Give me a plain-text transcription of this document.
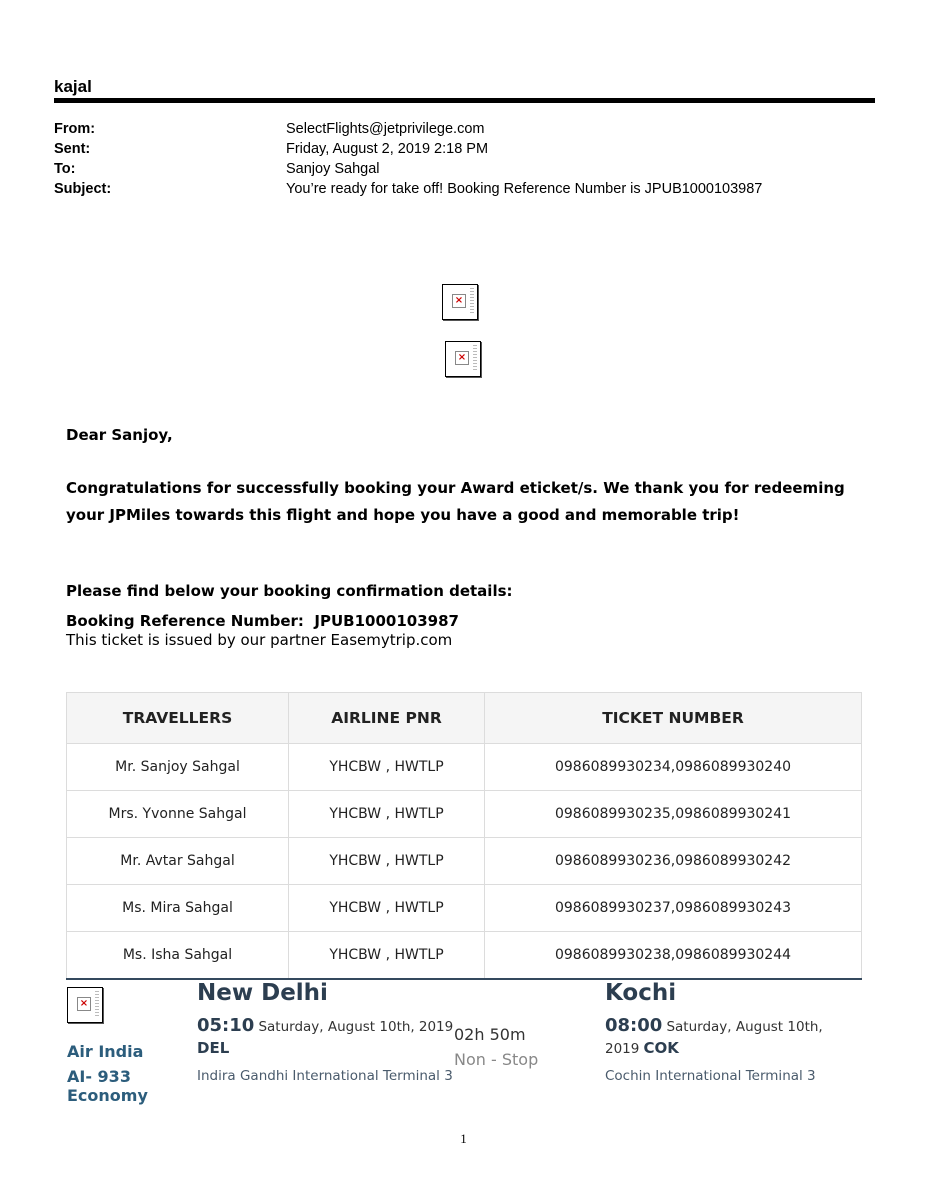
kajal
From:	SelectFlights@jetprivilege.com
Sent:	Friday, August 2, 2019 2:18 PM
To:	Sanjoy Sahgal
Subject:	You’re ready for take off! Booking Reference Number is JPUB1000103987
×
×
Dear Sanjoy,
Congratulations for successfully booking your Award eticket/s. We thank you for redeeming your JPMiles towards this flight and hope you have a good and memorable trip!
Please find below your booking confirmation details:
Booking Reference Number: JPUB1000103987
This ticket is issued by our partner Easemytrip.com
TRAVELLERS	AIRLINE PNR	TICKET NUMBER
Mr. Sanjoy Sahgal	YHCBW , HWTLP	0986089930234,0986089930240
Mrs. Yvonne Sahgal	YHCBW , HWTLP	0986089930235,0986089930241
Mr. Avtar Sahgal	YHCBW , HWTLP	0986089930236,0986089930242
Ms. Mira Sahgal	YHCBW , HWTLP	0986089930237,0986089930243
Ms. Isha Sahgal	YHCBW , HWTLP	0986089930238,0986089930244
×
Air India
AI- 933
Economy
New Delhi
05:10 Saturday, August 10th, 2019 DEL
Indira Gandhi International Terminal 3
02h 50m
Non - Stop
Kochi
08:00 Saturday, August 10th, 2019 COK
Cochin International Terminal 3
1
